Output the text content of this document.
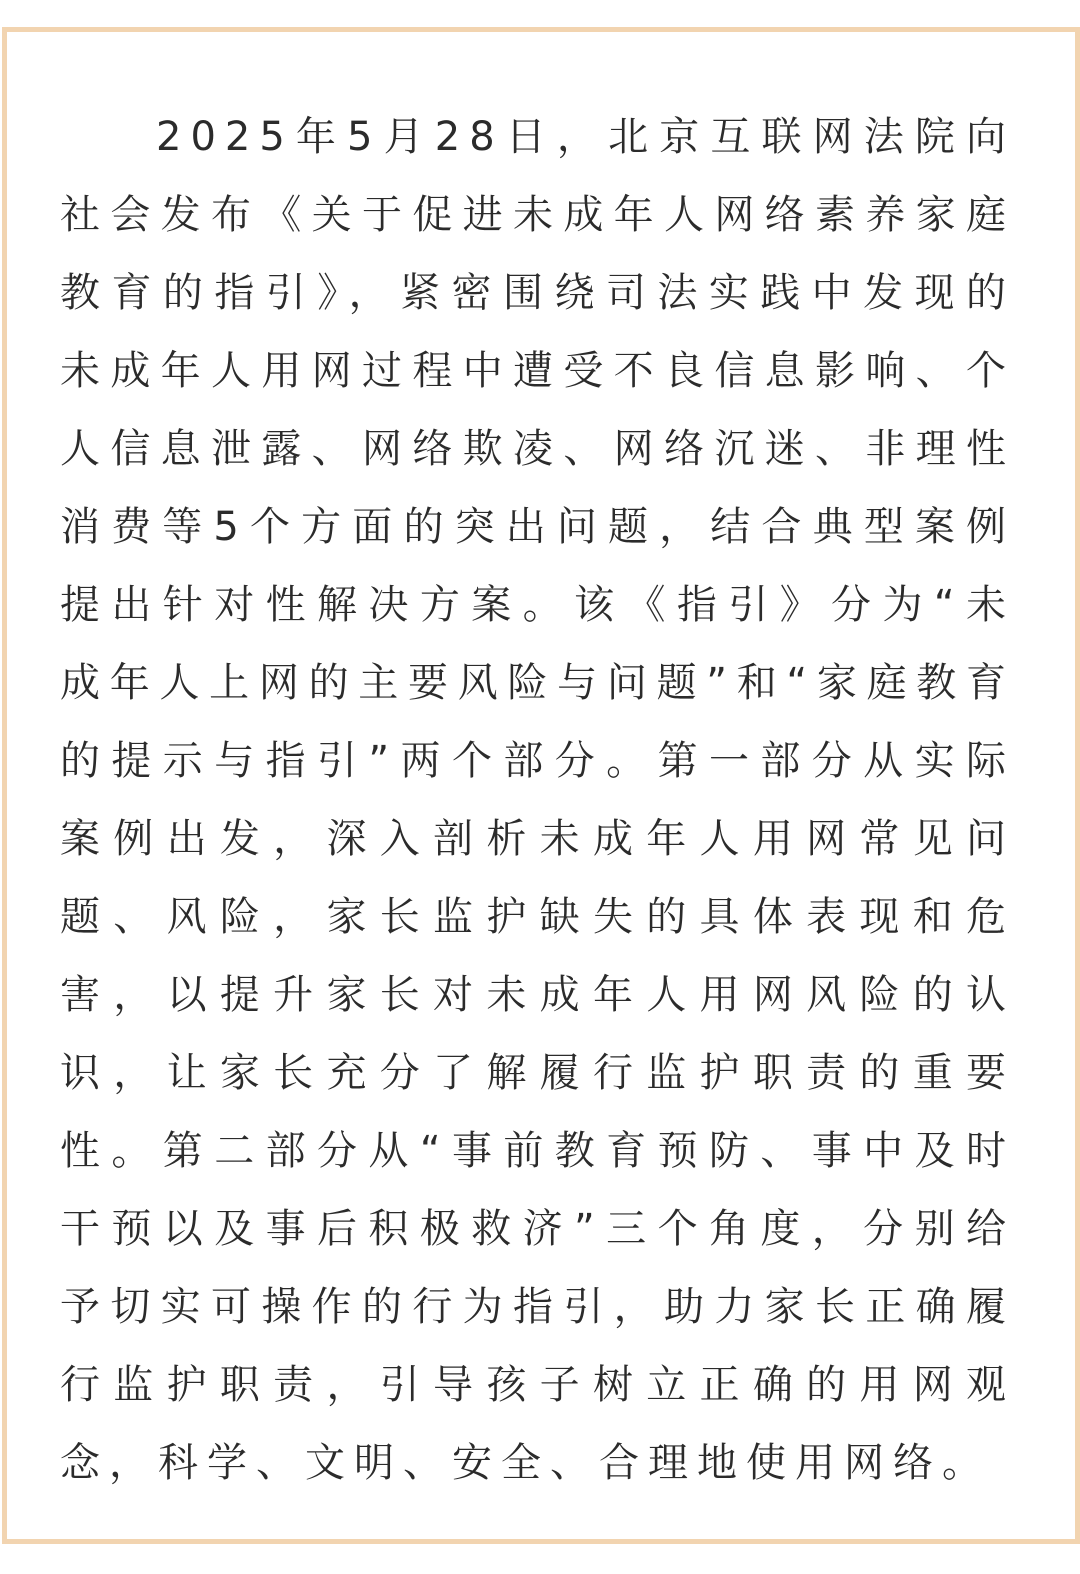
2025年5月28日，北京互联网法院向社会发布《关于促进未成年人网络素养家庭教育的指引》，紧密围绕司法实践中发现的未成年人用网过程中遭受不良信息影响、个人信息泄露、网络欺凌、网络沉迷、非理性消费等5个方面的突出问题，结合典型案例提出针对性解决方案。该《指引》分为“未成年人上网的主要风险与问题”和“家庭教育的提示与指引”两个部分。第一部分从实际案例出发，深入剖析未成年人用网常见问题、风险，家长监护缺失的具体表现和危害，以提升家长对未成年人用网风险的认识，让家长充分了解履行监护职责的重要性。第二部分从“事前教育预防、事中及时干预以及事后积极救济”三个角度，分别给予切实可操作的行为指引，助力家长正确履行监护职责，引导孩子树立正确的用网观念，科学、文明、安全、合理地使用网络。
